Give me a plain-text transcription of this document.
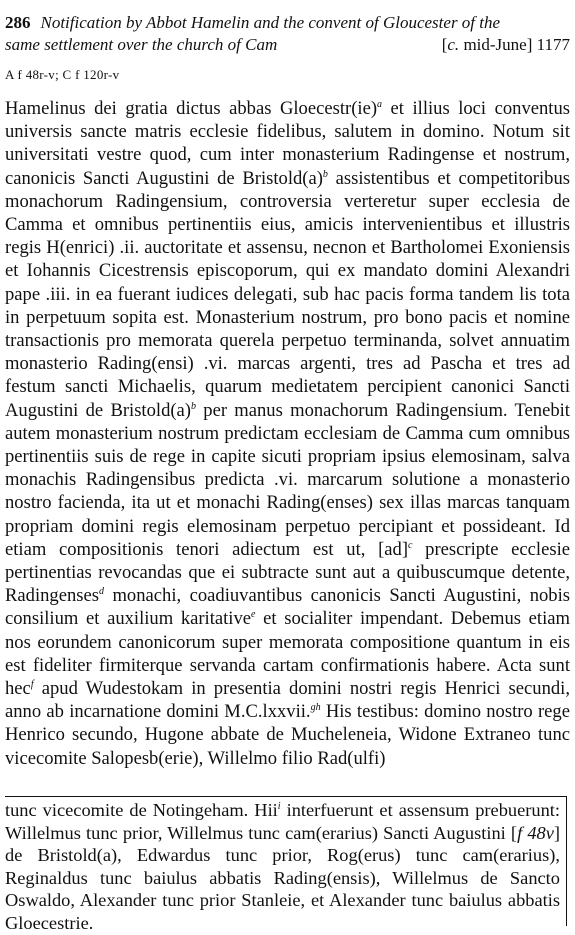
286 Notification by Abbot Hamelin and the convent of Gloucester of the

same settlement over the church of Cam	[c. mid-June] 1177
A f 48r-v; C f 120r-v

Hamelinus dei gratia dictus abbas Gloecestr(ie)$^a$ et illius loci conventus universis sancte matris ecclesie fidelibus, salutem in domino. Notum sit universitati vestre quod, cum inter monasterium Radingense et nostrum, canonicis Sancti Augustini de $Bristold(a)^b$ assistentibus et competitoribus monachorum Radingensium, controversia verteretur super ecclesia de Camma et omnibus pertinentiis eius, amicis intervenientibus et illustris regis H(enrici) .ii. auctoritate et assensu, necnon et Bartholomei Exoniensis et Iohannis Cicestrensis episcoporum, qui ex mandato domini Alexandri pape .iii. in ea fuerant iudices delegati, sub hac pacis forma tandem lis tota in perpetuum sopita est. Monasterium nostrum, pro bono pacis et nomine transactionis pro memorata querela perpetuo terminanda, solvet annuatim monasterio Rading(ensi) .vi. marcas argenti, tres ad Pascha et tres ad festum sancti Michaelis, quarum medietatem percipient canonici Sancti Augustini de $Bristold(a)^b$ per manus monachorum Radingensium. Tenebit autem monasterium nostrum predictam ecclesiam de Camma cum omnibus pertinentiis suis de rege in capite sicuti propriam ipsius elemosinam, salva monachis Radingensibus predicta .vi. marcarum solutione a monasterio nostro facienda, ita ut et monachi Rading(enses) sex illas marcas tanquam propriam domini regis elemosinam perpetuo percipiant et possideant. Id etiam compositionis tenori adiectum est ut, [ad]$^c$ prescripte ecclesie pertinentias revocandas que ei subtracte sunt aut a quibuscumque detente, Radingenses$^d$ monachi, coadiuvantibus canonicis Sancti Augustini, nobis consilium et auxilium karitative$^e$ et socialiter impendant. Debemus etiam nos eorundem canonicorum super memorata compositione quantum in eis est fideliter firmiterque servanda cartam confirmationis habere. Acta sunt hec$^f$ apud Wudestokam in presentia domini nostri regis Henrici secundi, anno ab incarnatione domini M.C.lxxvii.$^{gh}$ His testibus: domino nostro rege Henrico secundo, Hugone abbate de Mucheleneia, Widone Extraneo tunc vicecomite Salopesb(erie), Willelmo filio Rad(ulfi)

tunc vicecomite de Notingeham. Hii$^i$ interfuerunt et assensum prebuerunt: Willelmus tunc prior, Willelmus tunc cam(erarius) Sancti Augustini [f 48v] de Bristold(a), Edwardus tunc prior, Rog(erus) tunc cam(erarius), Reginaldus tunc baiulus abbatis Rading(ensis), Willelmus de Sancto Oswaldo, Alexander tunc prior Stanleie, et Alexander tunc baiulus abbatis Gloecestrie.
